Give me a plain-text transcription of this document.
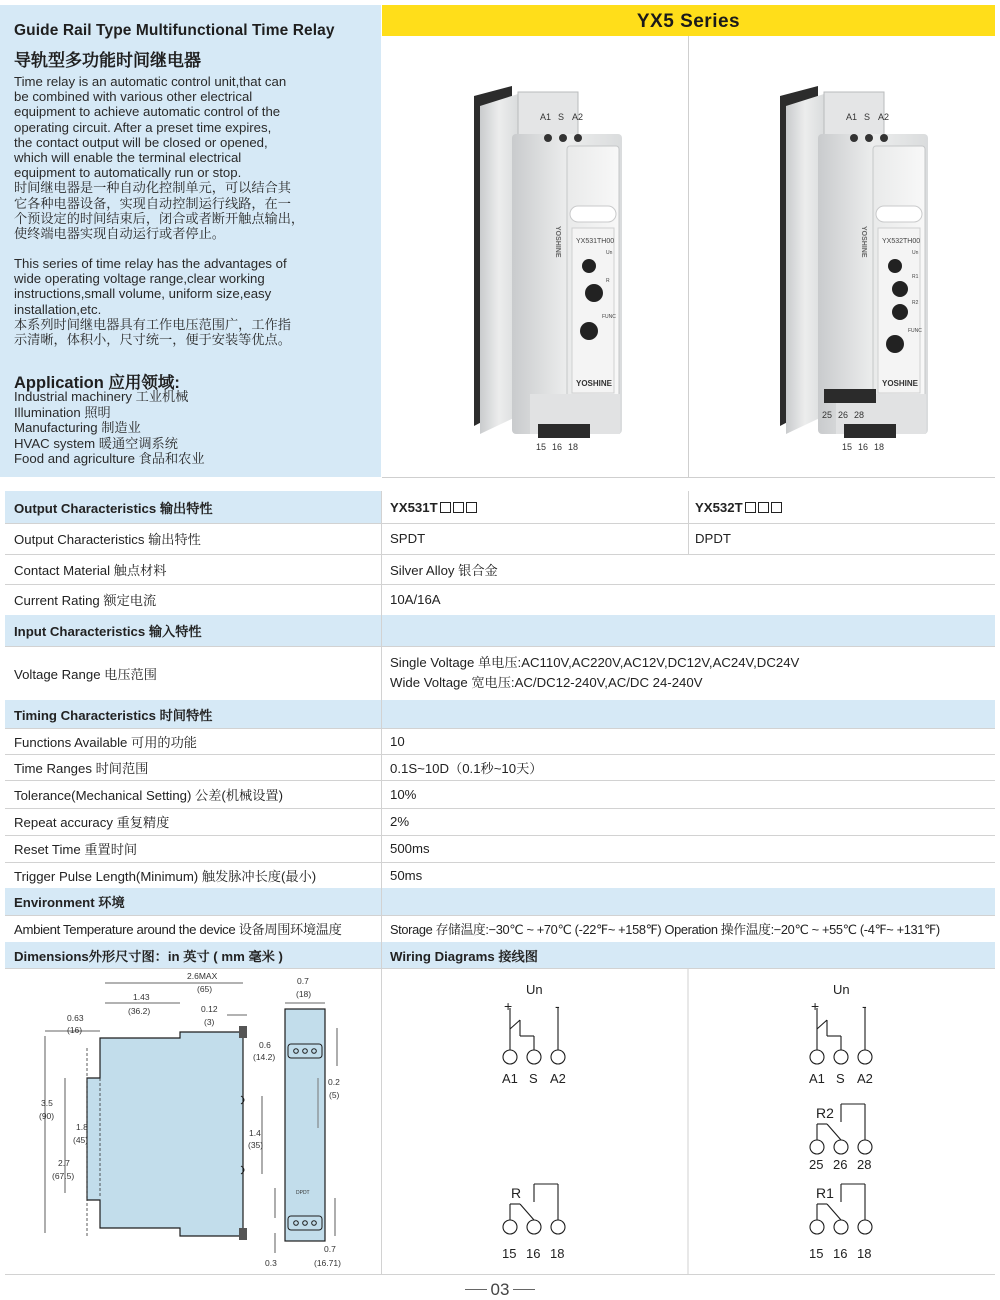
Guide Rail Type Multifunctional Time Relay
导轨型多功能时间继电器
Time relay is an automatic control unit,that can
be combined with various other electrical
equipment to achieve automatic control of the
operating circuit. After a preset time expires,
the contact output will be closed or opened,
which will enable the terminal electrical
equipment to automatically run or stop.
时间继电器是一种自动化控制单元，可以结合其
它各种电器设备，实现自动控制运行线路，在一
个预设定的时间结束后，闭合或者断开触点输出，
使终端电器实现自动运行或者停止。
This series of time relay has the advantages of
wide operating voltage range,clear working
instructions,small volume, uniform size,easy
installation,etc.
本系列时间继电器具有工作电压范围广，工作指
示清晰，体积小，尺寸统一，便于安装等优点。
Application 应用领域:
Industrial machinery 工业机械
Illumination 照明
Manufacturing 制造业
HVAC system 暖通空调系统
Food and agriculture 食品和农业
YX5 Series
YX531TH00
Un
R
FUNC
YOSHINE
YOSHINE
A1 S A2
15 16 18
YX532TH00
Un
R1
R2
FUNC
YOSHINE
YOSHINE
25 26 28
A1 S A2
15 16 18
Output Characteristics 输出特性	YX531T	YX532T
Output Characteristics 输出特性	SPDT	DPDT
Contact Material 触点材料	Silver Alloy 银合金
Current Rating 额定电流	10A/16A
Input Characteristics 输入特性
Voltage Range 电压范围
Single Voltage 单电压:AC110V,AC220V,AC12V,DC12V,AC24V,DC24V
Wide Voltage 宽电压:AC/DC12-240V,AC/DC 24-240V
Timing Characteristics 时间特性
Functions Available 可用的功能	10
Time Ranges 时间范围	0.1S~10D（0.1秒~10天）
Tolerance(Mechanical Setting) 公差(机械设置)	10%
Repeat accuracy 重复精度	2%
Reset Time 重置时间	500ms
Trigger Pulse Length(Minimum) 触发脉冲长度(最小)	50ms
Environment 环境
Ambient Temperature around the device 设备周围环境温度	Storage 存储温度:−30℃ ~ +70℃ (-22℉~ +158℉) Operation 操作温度:−20℃ ~ +55℃ (-4℉~ +131℉)
Dimensions外形尺寸图：in 英寸 ( mm 毫米 )	Wiring Diagrams 接线图
2.6MAX
(65)
1.43
(36.2)
0.63
(16)
0.12
(3)
3.5
(90)
1.8
(45)
2.7
(67.5)
1.4
(35)
DPDT
0.7
(18)
0.6
(14.2)
0.2
(5)
0.7
(16.71)
0.3
Un
+	-
A1 S A2
R
15 16 18
Un
+	-
A1 S A2
R2
25 26 28
R1
15 16 18
03
